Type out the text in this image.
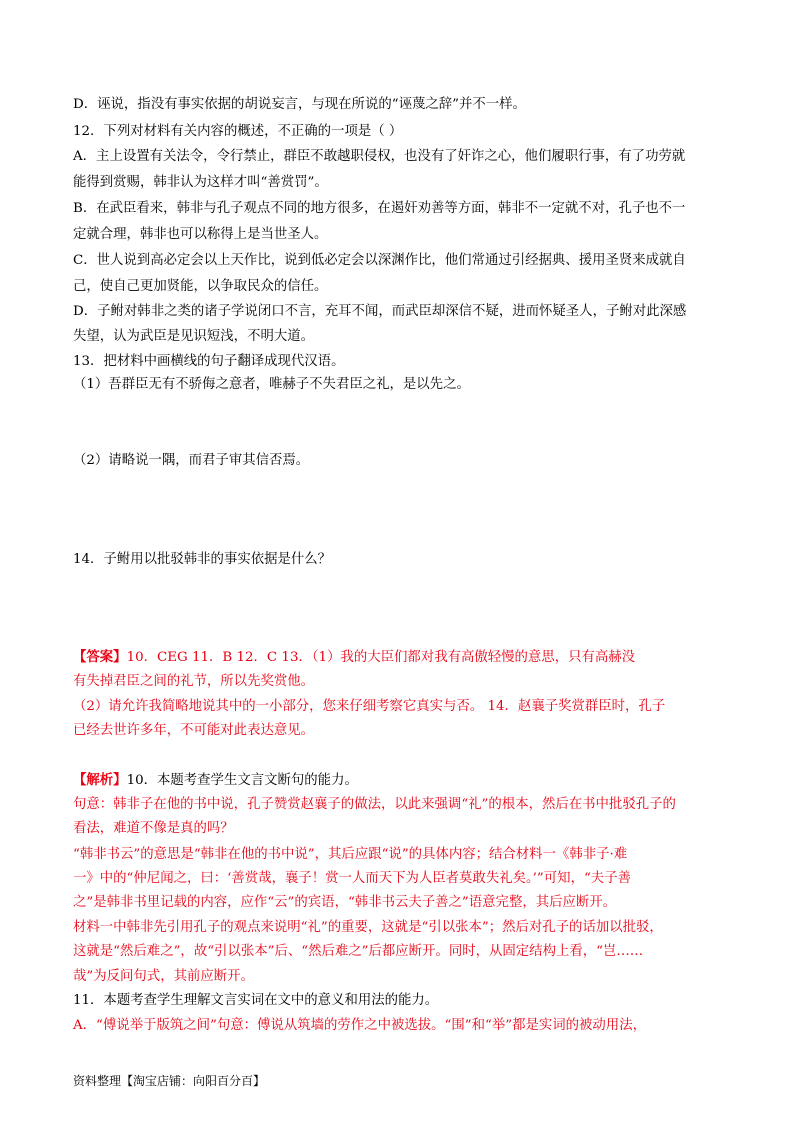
D．诬说，指没有事实依据的胡说妄言，与现在所说的“诬蔑之辞”并不一样。
12．下列对材料有关内容的概述，不正确的一项是（ ）
A．主上设置有关法令，令行禁止，群臣不敢越职侵权，也没有了奸诈之心，他们履职行事，有了功劳就
能得到赏赐，韩非认为这样才叫“善赏罚”。
B．在武臣看来，韩非与孔子观点不同的地方很多，在遏奸劝善等方面，韩非不一定就不对，孔子也不一
定就合理，韩非也可以称得上是当世圣人。
C．世人说到高必定会以上天作比，说到低必定会以深渊作比，他们常通过引经据典、援用圣贤来成就自
己，使自己更加贤能，以争取民众的信任。
D．子鲋对韩非之类的诸子学说闭口不言，充耳不闻，而武臣却深信不疑，进而怀疑圣人，子鲋对此深感
失望，认为武臣是见识短浅，不明大道。
13．把材料中画横线的句子翻译成现代汉语。
（1）吾群臣无有不骄侮之意者，唯赫子不失君臣之礼，是以先之。
（2）请略说一隅，而君子审其信否焉。
14．子鲋用以批驳韩非的事实依据是什么？
【答案】10．CEG 11．B 12．C 13．（1）我的大臣们都对我有高傲轻慢的意思，只有高赫没
有失掉君臣之间的礼节，所以先奖赏他。
（2）请允许我简略地说其中的一小部分，您来仔细考察它真实与否。 14．赵襄子奖赏群臣时，孔子
已经去世许多年，不可能对此表达意见。
【解析】10．本题考查学生文言文断句的能力。
句意：韩非子在他的书中说，孔子赞赏赵襄子的做法，以此来强调“礼”的根本，然后在书中批驳孔子的
看法，难道不像是真的吗？
“韩非书云”的意思是“韩非在他的书中说”，其后应跟“说”的具体内容；结合材料一《韩非子·难
一》中的“仲尼闻之，曰：‘善赏哉，襄子！赏一人而天下为人臣者莫敢失礼矣。’”可知，“夫子善
之”是韩非书里记载的内容，应作“云”的宾语，“韩非书云夫子善之”语意完整，其后应断开。
材料一中韩非先引用孔子的观点来说明“礼”的重要，这就是“引以张本”；然后对孔子的话加以批驳，
这就是“然后难之”，故“引以张本”后、“然后难之”后都应断开。同时，从固定结构上看，“岂……
哉”为反问句式，其前应断开。
11．本题考查学生理解文言实词在文中的意义和用法的能力。
A．“傅说举于版筑之间”句意：傅说从筑墙的劳作之中被选拔。“围”和“举”都是实词的被动用法，
资料整理【淘宝店铺：向阳百分百】
